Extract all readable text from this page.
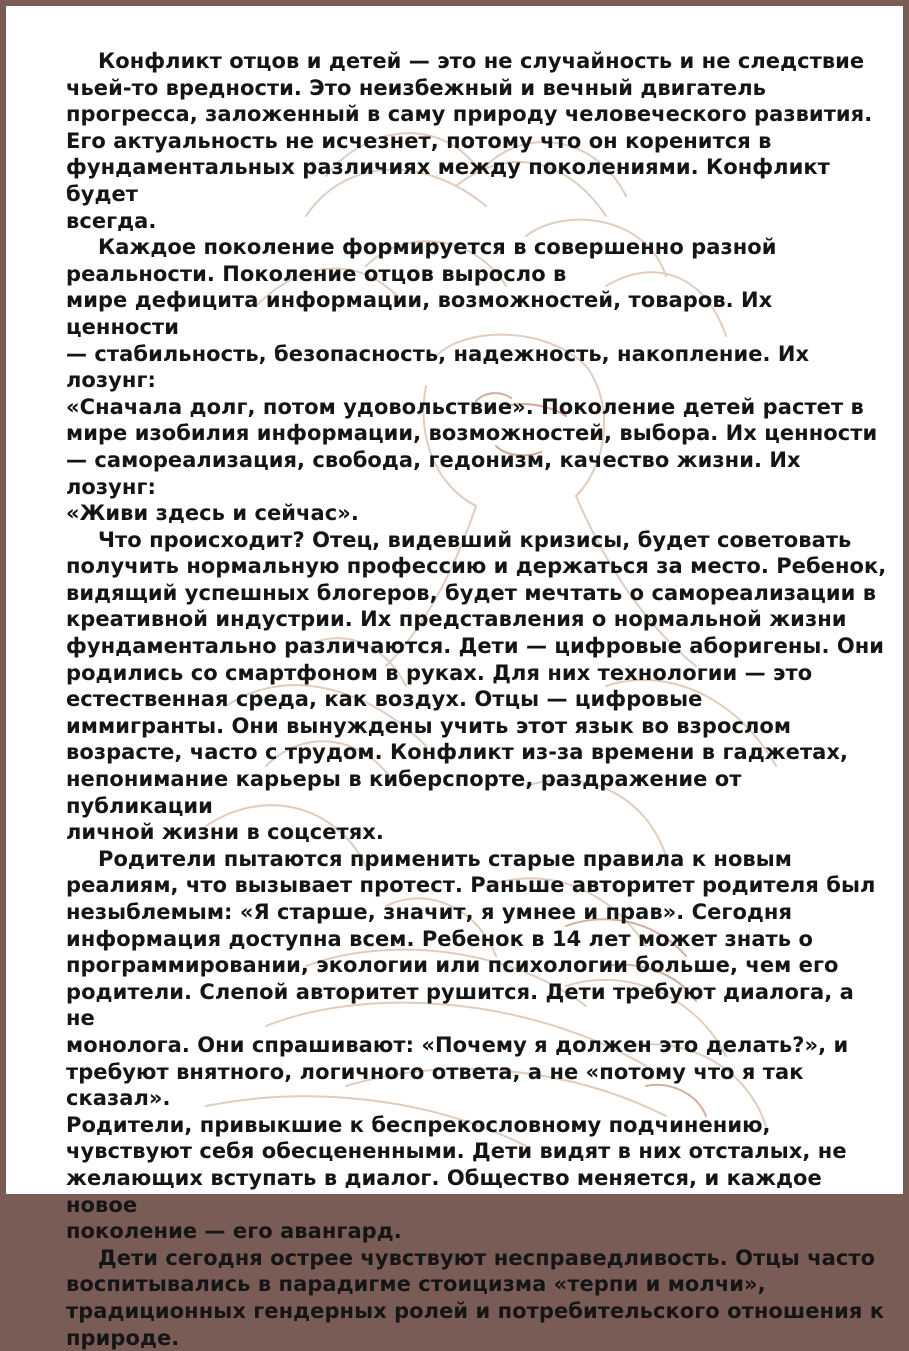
Конфликт отцов и детей — это не случайность и не следствие
чьей-то вредности. Это неизбежный и вечный двигатель
прогресса, заложенный в саму природу человеческого развития.
Его актуальность не исчезнет, потому что он коренится в
фундаментальных различиях между поколениями. Конфликт будет
всегда.

Каждое поколение формируется в совершенно разной
реальности. Поколение отцов выросло в
мире дефицита информации, возможностей, товаров. Их ценности
— стабильность, безопасность, надежность, накопление. Их лозунг:
«Сначала долг, потом удовольствие». Поколение детей растет в
мире изобилия информации, возможностей, выбора. Их ценности
— самореализация, свобода, гедонизм, качество жизни. Их лозунг:
«Живи здесь и сейчас».

Что происходит? Отец, видевший кризисы, будет советовать
получить нормальную профессию и держаться за место. Ребенок,
видящий успешных блогеров, будет мечтать о самореализации в
креативной индустрии. Их представления о нормальной жизни
фундаментально различаются. Дети — цифровые аборигены. Они
родились со смартфоном в руках. Для них технологии — это
естественная среда, как воздух. Отцы — цифровые
иммигранты. Они вынуждены учить этот язык во взрослом
возрасте, часто с трудом. Конфликт из-за времени в гаджетах,
непонимание карьеры в киберспорте, раздражение от публикации
личной жизни в соцсетях.

Родители пытаются применить старые правила к новым
реалиям, что вызывает протест. Раньше авторитет родителя был
незыблемым: «Я старше, значит, я умнее и прав». Сегодня
информация доступна всем. Ребенок в 14 лет может знать о
программировании, экологии или психологии больше, чем его
родители. Слепой авторитет рушится. Дети требуют диалога, а не
монолога. Они спрашивают: «Почему я должен это делать?», и
требуют внятного, логичного ответа, а не «потому что я так сказал».
Родители, привыкшие к беспрекословному подчинению,
чувствуют себя обесцененными. Дети видят в них отсталых, не
желающих вступать в диалог. Общество меняется, и каждое новое
поколение — его авангард.

Дети сегодня острее чувствуют несправедливость. Отцы часто
воспитывались в парадигме стоицизма «терпи и молчи»,
традиционных гендерных ролей и потребительского отношения к
природе.
